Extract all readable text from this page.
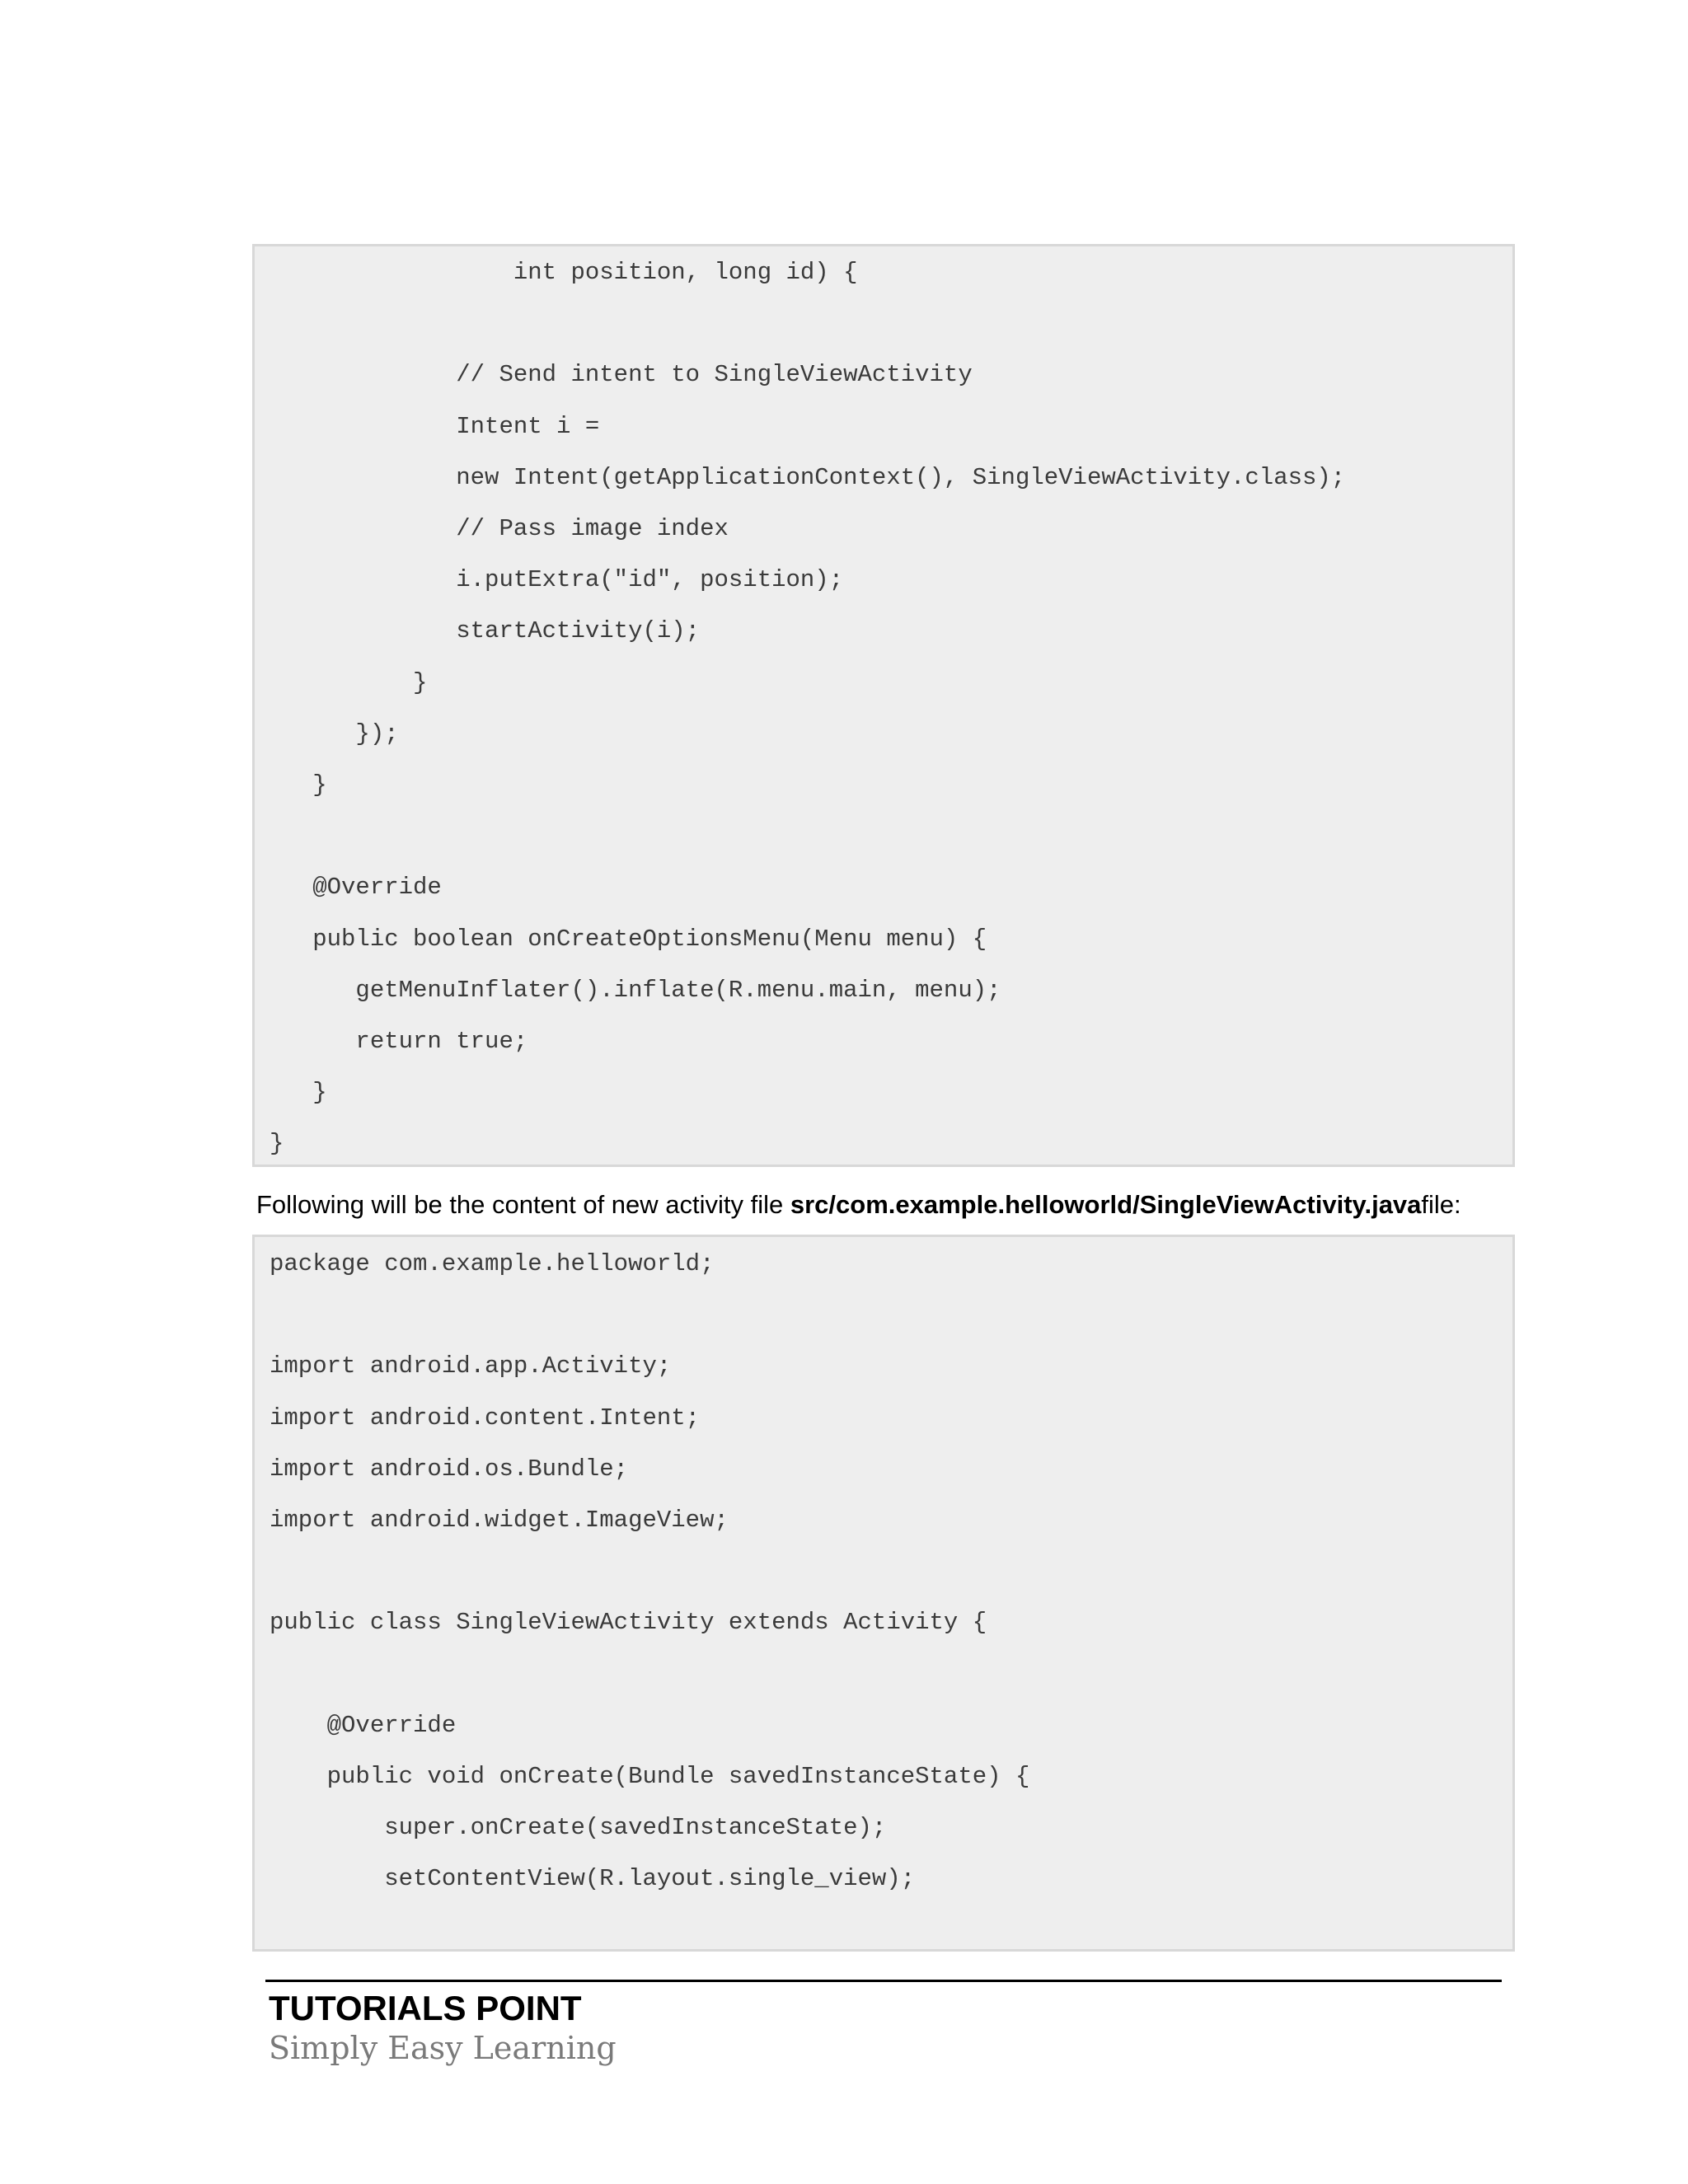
int position, long id) {
// Send intent to SingleViewActivity
Intent i =
new Intent(getApplicationContext(), SingleViewActivity.class);
// Pass image index
i.putExtra("id", position);
startActivity(i);
}
});
}
@Override
public boolean onCreateOptionsMenu(Menu menu) {
getMenuInflater().inflate(R.menu.main, menu);
return true;
}
}
Following will be the content of new activity file src/com.example.helloworld/SingleViewActivity.javafile:
package com.example.helloworld;
import android.app.Activity;
import android.content.Intent;
import android.os.Bundle;
import android.widget.ImageView;
public class SingleViewActivity extends Activity {
@Override
public void onCreate(Bundle savedInstanceState) {
super.onCreate(savedInstanceState);
setContentView(R.layout.single_view);
TUTORIALS POINT
Simply Easy Learning
